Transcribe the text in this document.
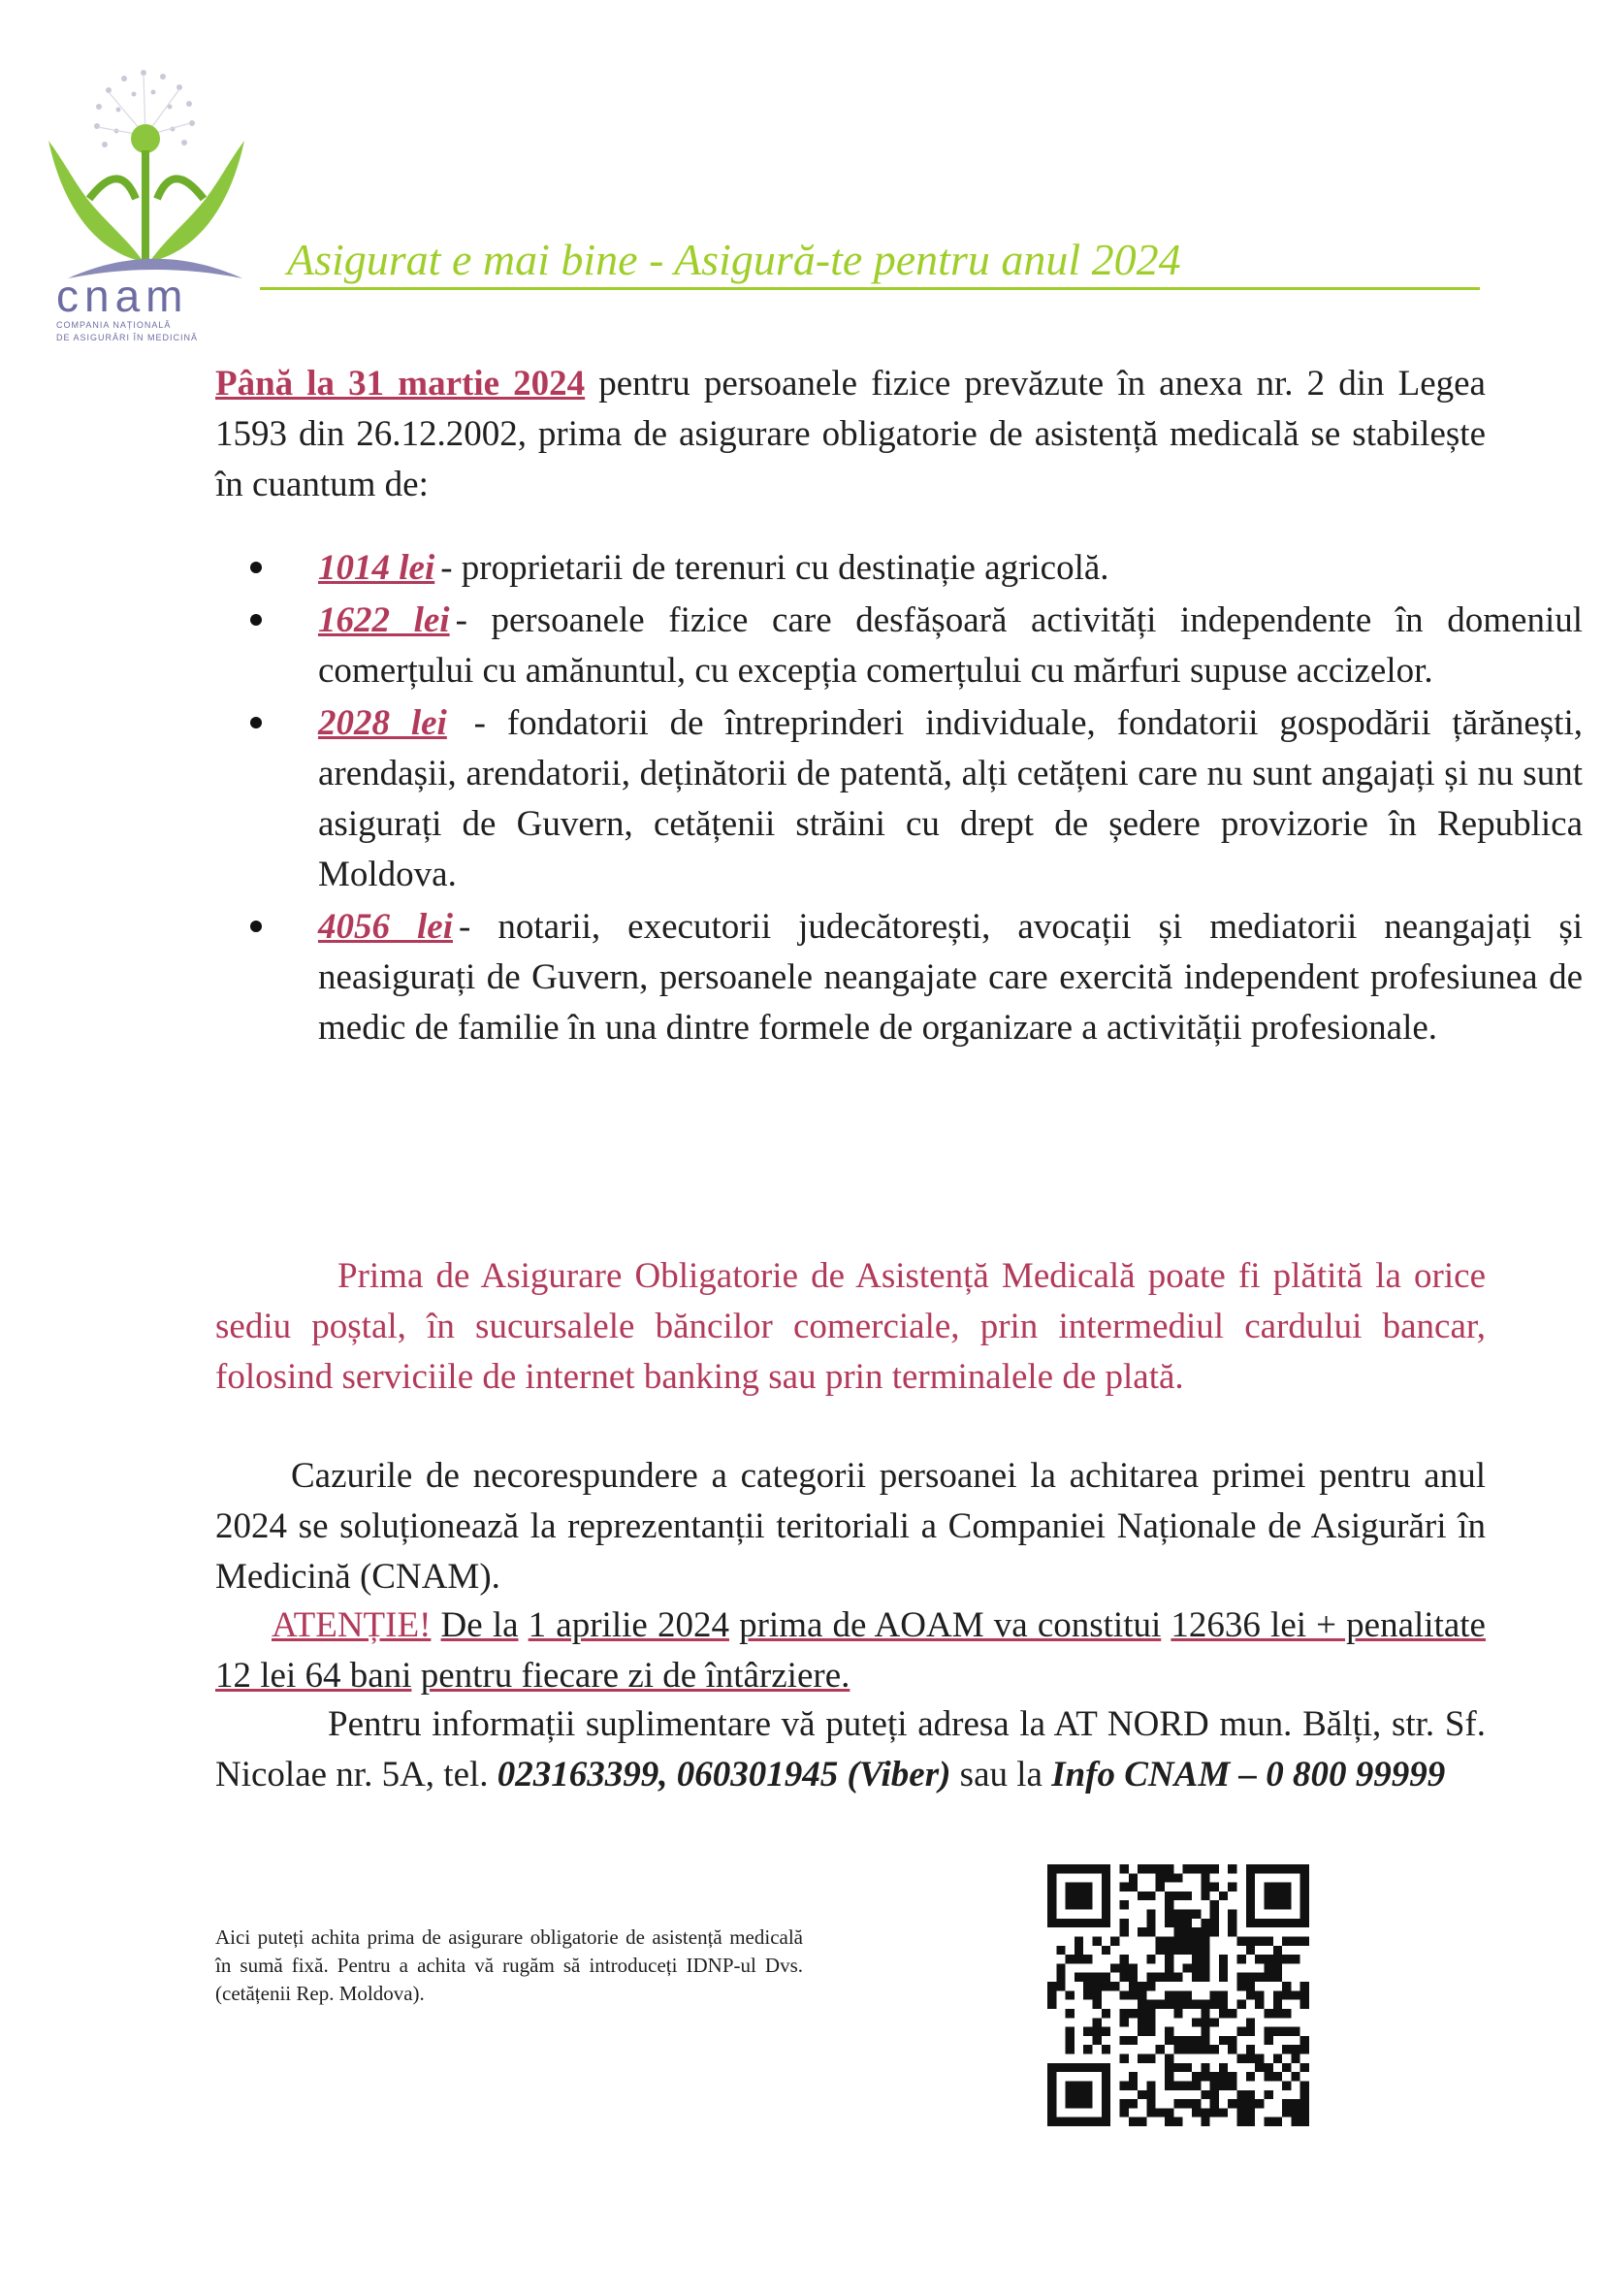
cnam
COMPANIA NAȚIONALĂ
DE ASIGURĂRI ÎN MEDICINĂ
Asigurat e mai bine - Asigură-te pentru anul 2024

Până la 31 martie 2024 pentru persoanele fizice prevăzute în anexa nr. 2 din Legea 1593 din 26.12.2002, prima de asigurare obligatorie de asistență medicală se stabilește în cuantum de:

1014 lei - proprietarii de terenuri cu destinație agricolă.
1622 lei - persoanele fizice care desfășoară activități independente în domeniul comerțului cu amănuntul, cu excepția comerțului cu mărfuri supuse accizelor.
2028 lei - fondatorii de întreprinderi individuale, fondatorii gospodării țărănești, arendașii, arendatorii, deținătorii de patentă, alți cetățeni care nu sunt angajați și nu sunt asigurați de Guvern, cetățenii străini cu drept de ședere provizorie în Republica Moldova.
4056 lei - notarii, executorii judecătorești, avocații și mediatorii neangajați și neasigurați de Guvern, persoanele neangajate care exercită independent profesiunea de medic de familie în una dintre formele de organizare a activității profesionale.

Prima de Asigurare Obligatorie de Asistență Medicală poate fi plătită la orice sediu poștal, în sucursalele băncilor comerciale, prin intermediul cardului bancar, folosind serviciile de internet banking sau prin terminalele de plată.

Cazurile de necorespundere a categorii persoanei la achitarea primei pentru anul 2024 se soluționează la reprezentanții teritoriali a Companiei Naționale de Asigurări în Medicină (CNAM).

ATENȚIE! De la 1 aprilie 2024 prima de AOAM va constitui 12636 lei + penalitate 12 lei 64 bani pentru fiecare zi de întârziere.

Pentru informații suplimentare vă puteți adresa la AT NORD mun. Bălți, str. Sf. Nicolae nr. 5A, tel. 023163399, 060301945 (Viber) sau la Info CNAM – 0 800 99999

Aici puteți achita prima de asigurare obligatorie de asistență medicală în sumă fixă. Pentru a achita vă rugăm să introduceți IDNP-ul Dvs. (cetățenii Rep. Moldova).
